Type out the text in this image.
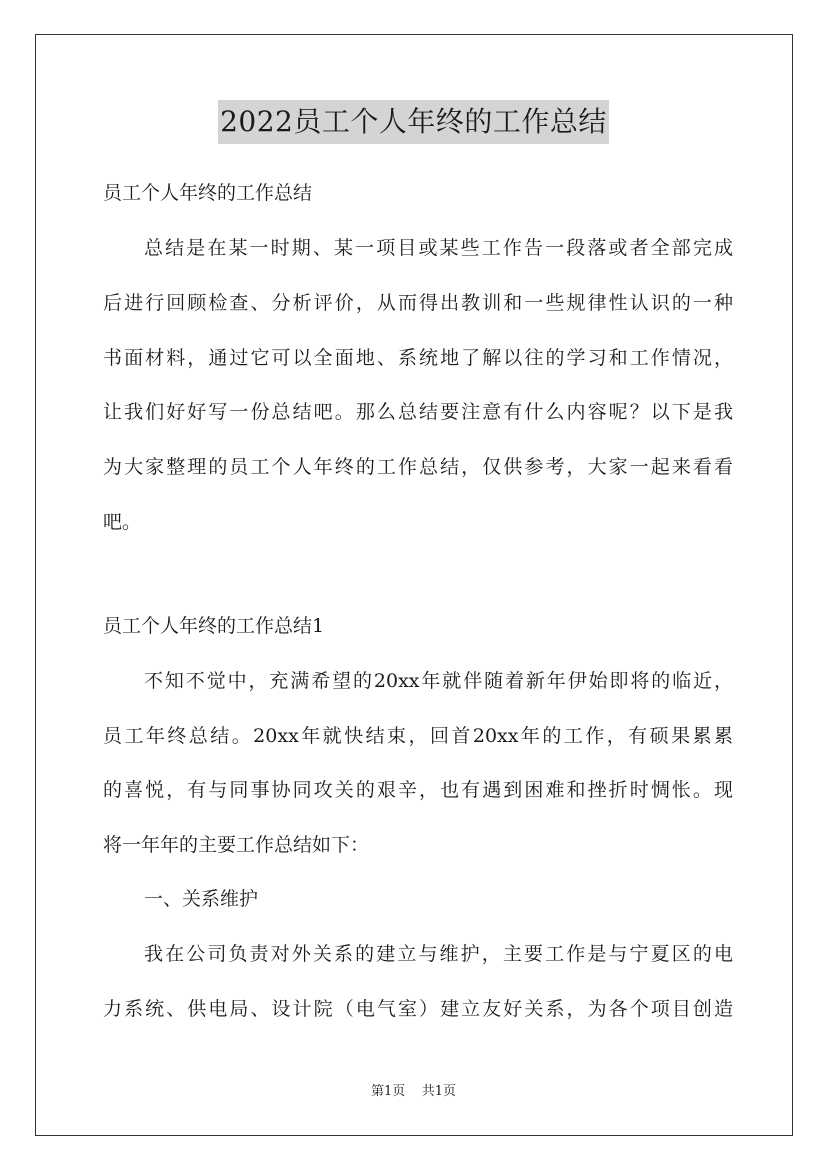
2022员工个人年终的工作总结
员工个人年终的工作总结
总结是在某一时期、某一项目或某些工作告一段落或者全部完成
后进行回顾检查、分析评价，从而得出教训和一些规律性认识的一种
书面材料，通过它可以全面地、系统地了解以往的学习和工作情况，
让我们好好写一份总结吧。那么总结要注意有什么内容呢？以下是我
为大家整理的员工个人年终的工作总结，仅供参考，大家一起来看看
吧。
员工个人年终的工作总结1
不知不觉中，充满希望的20xx年就伴随着新年伊始即将的临近，
员工年终总结。20xx年就快结束，回首20xx年的工作，有硕果累累
的喜悦，有与同事协同攻关的艰辛，也有遇到困难和挫折时惆怅。现
将一年年的主要工作总结如下：
一、关系维护
我在公司负责对外关系的建立与维护，主要工作是与宁夏区的电
力系统、供电局、设计院（电气室）建立友好关系，为各个项目创造
第1页 共1页
